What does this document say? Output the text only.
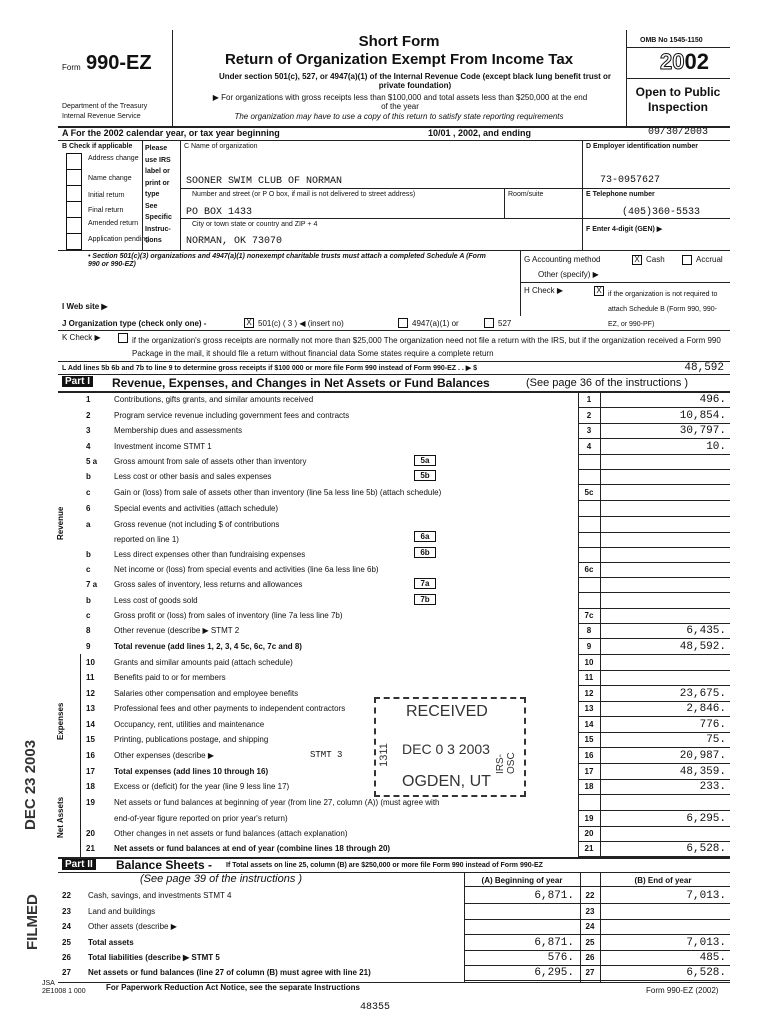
Form 990-EZ
Department of the Treasury
Internal Revenue Service
Short Form
Return of Organization Exempt From Income Tax
Under section 501(c), 527, or 4947(a)(1) of the Internal Revenue Code (except black lung benefit trust or private foundation)
▶ For organizations with gross receipts less than $100,000 and total assets less than $250,000 at the end of the year
The organization may have to use a copy of this return to satisfy state reporting requirements
OMB No 1545-1150
2002
Open to Public
Inspection
A For the 2002 calendar year, or tax year beginning	10/01 , 2002, and ending	09/30/2003
B Check if applicable
Address change
Name change
Initial return
Final return
Amended return
Application pending
Please
use IRS
label or
print or
type
See
Specific
Instruc-
tions
C Name of organization
SOONER SWIM CLUB OF NORMAN
Number and street (or P O box, if mail is not delivered to street address)	Room/suite
PO BOX 1433
City or town state or country and ZIP + 4
NORMAN, OK 73070
D Employer identification number
73-0957627
E Telephone number
(405)360-5533
F Enter 4-digit (GEN) ▶
• Section 501(c)(3) organizations and 4947(a)(1) nonexempt charitable trusts must attach a completed Schedule A (Form 990 or 990-EZ)
G Accounting method	X Cash	Accrual
Other (specify) ▶
H Check ▶	X if the organization is not required to attach Schedule B (Form 990, 990-EZ, or 990-PF)
I Web site ▶
J Organization type (check only one) -	X 501(c) ( 3 ) ◀ (insert no)	4947(a)(1) or	527
K Check ▶	if the organization's gross receipts are normally not more than $25,000 The organization need not file a return with the IRS, but if the organization received a Form 990 Package in the mail, it should file a return without financial data Some states require a complete return
L Add lines 5b 6b and 7b to line 9 to determine gross receipts if $100 000 or more file Form 990 instead of Form 990-EZ . . ▶ $	48,592
Part I Revenue, Expenses, and Changes in Net Assets or Fund Balances	(See page 36 of the instructions )
Revenue
Expenses
Net Assets
1	Contributions, gifts grants, and similar amounts received	1	496.
2	Program service revenue including government fees and contracts	2	10,854.
3	Membership dues and assessments	3	30,797.
4	Investment income STMT 1	4	10.
5 a Gross amount from sale of assets other than inventory
b	Less cost or other basis and sales expenses
c	Gain or (loss) from sale of assets other than inventory (line 5a less line 5b) (attach schedule)	5c
6	Special events and activities (attach schedule)
a	Gross revenue (not including $ of contributions
reported on line 1)
b	Less direct expenses other than fundraising expenses
c	Net income or (loss) from special events and activities (line 6a less line 6b)	6c
7 a Gross sales of inventory, less returns and allowances
b	Less cost of goods sold
c	Gross profit or (loss) from sales of inventory (line 7a less line 7b)	7c
8	Other revenue (describe ▶ STMT 2	8	6,435.
9	Total revenue (add lines 1, 2, 3, 4 5c, 6c, 7c and 8)	9	48,592.
10 Grants and similar amounts paid (attach schedule)	10
11 Benefits paid to or for members	11
12 Salaries other compensation and employee benefits	12	23,675.
13 Professional fees and other payments to independent contractors	13	2,846.
14 Occupancy, rent, utilities and maintenance	14	776.
15 Printing, publications postage, and shipping	15	75.
16 Other expenses (describe ▶	16	20,987.
17 Total expenses (add lines 10 through 16)	17	48,359.
18 Excess or (deficit) for the year (line 9 less line 17)	18	233.
19 Net assets or fund balances at beginning of year (from line 27, column (A)) (must agree with
end-of-year figure reported on prior year's return)	19	6,295.
20 Other changes in net assets or fund balances (attach explanation)	20
21 Net assets or fund balances at end of year (combine lines 18 through 20)	21	6,528.
5a
5b
6a
6b
7a
7b
STMT 3
Part II Balance Sheets - If Total assets on line 25, column (B) are $250,000 or more file Form 990 instead of Form 990-EZ
(See page 39 of the instructions )	(A) Beginning of year	(B) End of year
22 Cash, savings, and investments STMT 4	6,871.	22	7,013.
23 Land and buildings	23
24 Other assets (describe ▶	24
25 Total assets	6,871.	25	7,013.
26 Total liabilities (describe ▶ STMT 5	576.	26	485.
27 Net assets or fund balances (line 27 of column (B) must agree with line 21)	6,295.	27	6,528.
JSA
2E1008 1 000	For Paperwork Reduction Act Notice, see the separate Instructions	Form 990-EZ (2002)
48355
RECEIVED
DEC 0 3 2003
OGDEN, UT
1311	IRS-OSC
DEC 23 2003
FILMED
